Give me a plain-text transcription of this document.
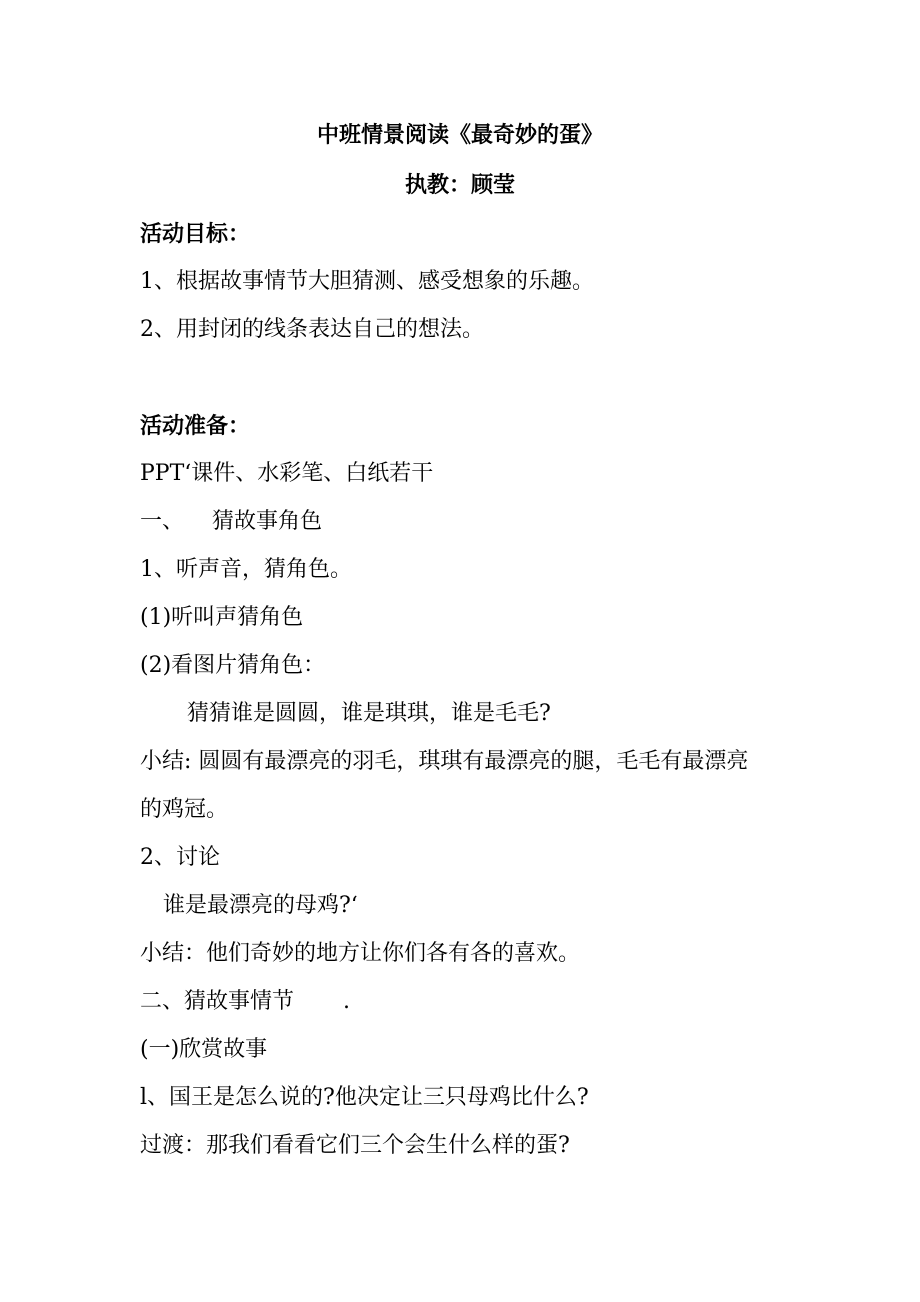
中班情景阅读《最奇妙的蛋》
执教：顾莹
活动目标：
1、根据故事情节大胆猜测、感受想象的乐趣。
2、用封闭的线条表达自己的想法。
活动准备：
PPT‘课件、水彩笔、白纸若干
一、    猜故事角色
1、听声音，猜角色。
(1)听叫声猜角色
(2)看图片猜角色：
猜猜谁是圆圆，谁是琪琪，谁是毛毛?
小结: 圆圆有最漂亮的羽毛，琪琪有最漂亮的腿，毛毛有最漂亮
的鸡冠。
2、讨论
谁是最漂亮的母鸡?‘
小结：他们奇妙的地方让你们各有各的喜欢。
二、猜故事情节       .
(一)欣赏故事
l、国王是怎么说的?他决定让三只母鸡比什么?
过渡：那我们看看它们三个会生什么样的蛋?
